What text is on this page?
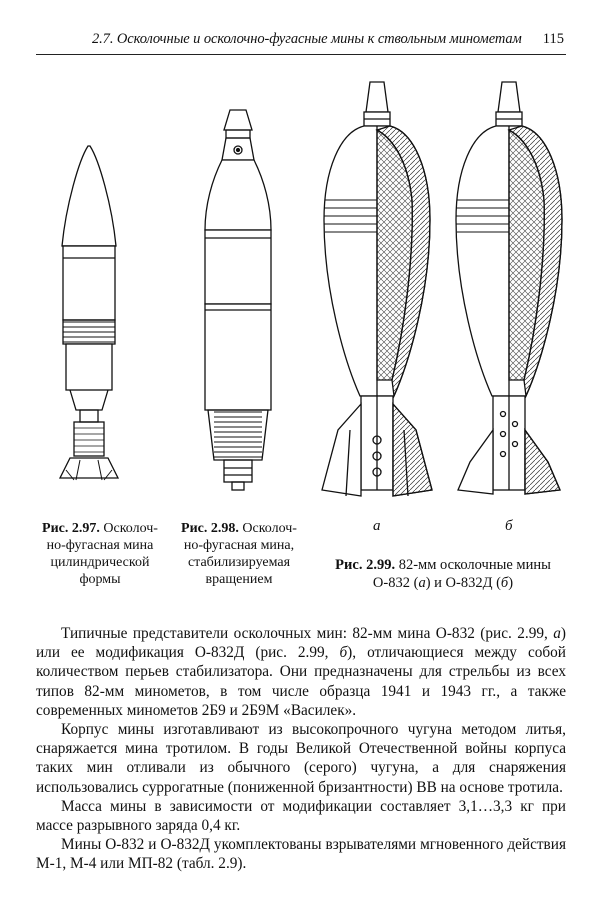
2.7. Осколочные и осколочно-фугасные мины к ствольным минометам 115
Рис. 2.97. Осколочно-фугасная мина цилиндрической формы
Рис. 2.98. Осколочно-фугасная мина, стабилизируемая вращением
а	б
Рис. 2.99. 82-мм осколочные мины О-832 (а) и О-832Д (б)

Типичные представители осколочных мин: 82-мм мина О-832 (рис. 2.99, а) или ее модификация О-832Д (рис. 2.99, б), отличающиеся между собой количеством перьев стабилизатора. Они предназначены для стрельбы из всех типов 82-мм минометов, в том числе образца 1941 и 1943 гг., а также современных минометов 2Б9 и 2Б9М «Василек».

Корпус мины изготавливают из высокопрочного чугуна методом литья, снаряжается мина тротилом. В годы Великой Отечественной войны корпуса таких мин отливали из обычного (серого) чугуна, а для снаряжения использовались суррогатные (пониженной бризантности) ВВ на основе тротила.

Масса мины в зависимости от модификации составляет 3,1…3,3 кг при массе разрывного заряда 0,4 кг.

Мины О-832 и О-832Д укомплектованы взрывателями мгновенного действия М-1, М-4 или МП-82 (табл. 2.9).
